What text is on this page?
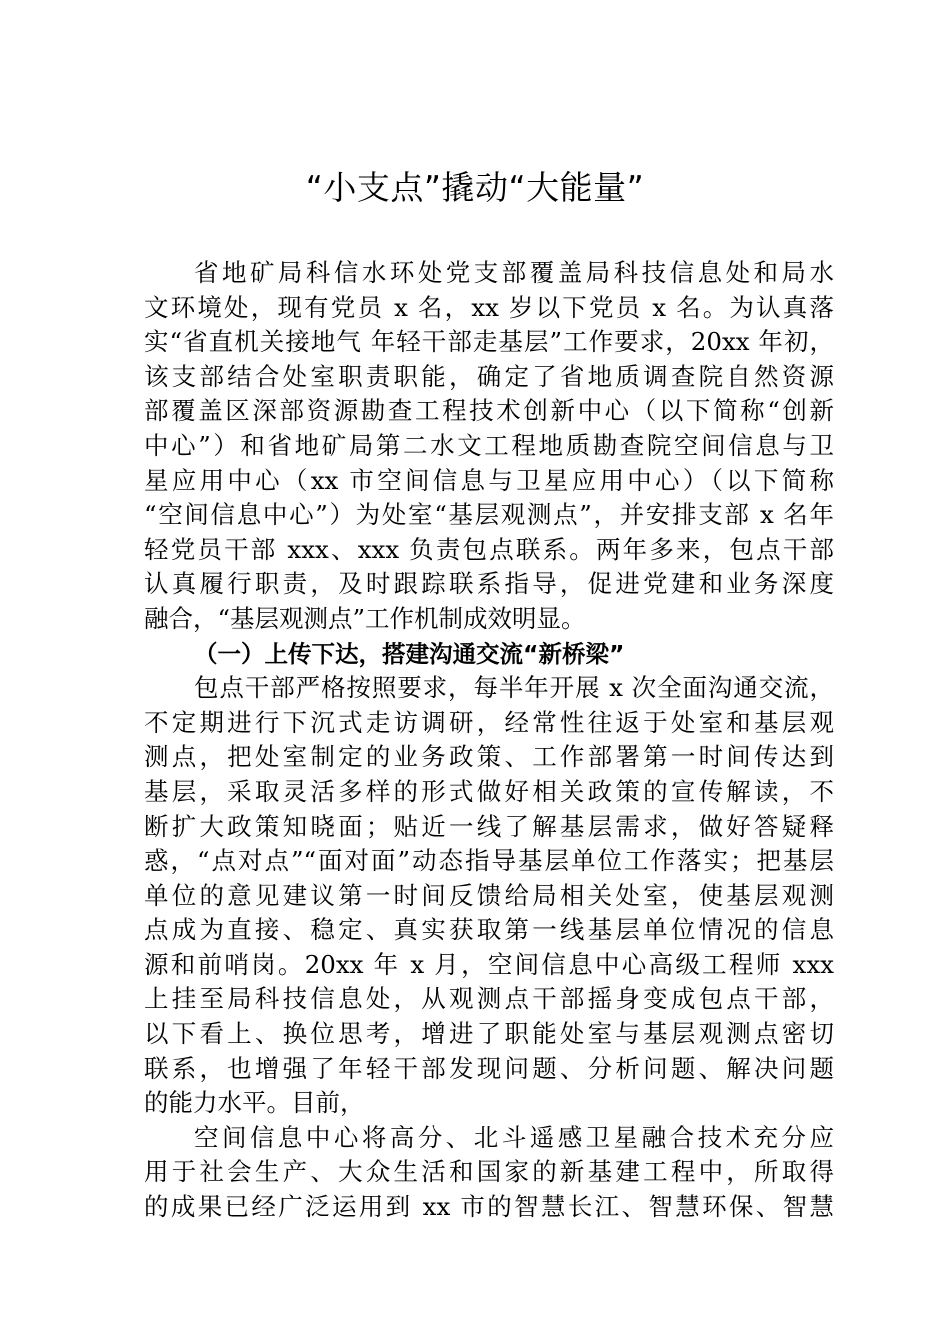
“小支点”撬动“大能量”
省地矿局科信水环处党支部覆盖局科技信息处和局水
文环境处，现有党员 x 名，xx 岁以下党员 x 名。为认真落
实“省直机关接地气 年轻干部走基层”工作要求，20xx 年初，
该支部结合处室职责职能，确定了省地质调查院自然资源
部覆盖区深部资源勘查工程技术创新中心（以下简称“创新
中心”）和省地矿局第二水文工程地质勘查院空间信息与卫
星应用中心（xx 市空间信息与卫星应用中心）（以下简称
“空间信息中心”）为处室“基层观测点”，并安排支部 x 名年
轻党员干部 xxx、xxx 负责包点联系。两年多来，包点干部
认真履行职责，及时跟踪联系指导，促进党建和业务深度
融合，“基层观测点”工作机制成效明显。
（一）上传下达，搭建沟通交流“新桥梁”
包点干部严格按照要求，每半年开展 x 次全面沟通交流，
不定期进行下沉式走访调研，经常性往返于处室和基层观
测点，把处室制定的业务政策、工作部署第一时间传达到
基层，采取灵活多样的形式做好相关政策的宣传解读，不
断扩大政策知晓面；贴近一线了解基层需求，做好答疑释
惑，“点对点”“面对面”动态指导基层单位工作落实；把基层
单位的意见建议第一时间反馈给局相关处室，使基层观测
点成为直接、稳定、真实获取第一线基层单位情况的信息
源和前哨岗。20xx 年 x 月，空间信息中心高级工程师 xxx
上挂至局科技信息处，从观测点干部摇身变成包点干部，
以下看上、换位思考，增进了职能处室与基层观测点密切
联系，也增强了年轻干部发现问题、分析问题、解决问题
的能力水平。目前，
空间信息中心将高分、北斗遥感卫星融合技术充分应
用于社会生产、大众生活和国家的新基建工程中，所取得
的成果已经广泛运用到 xx 市的智慧长江、智慧环保、智慧
